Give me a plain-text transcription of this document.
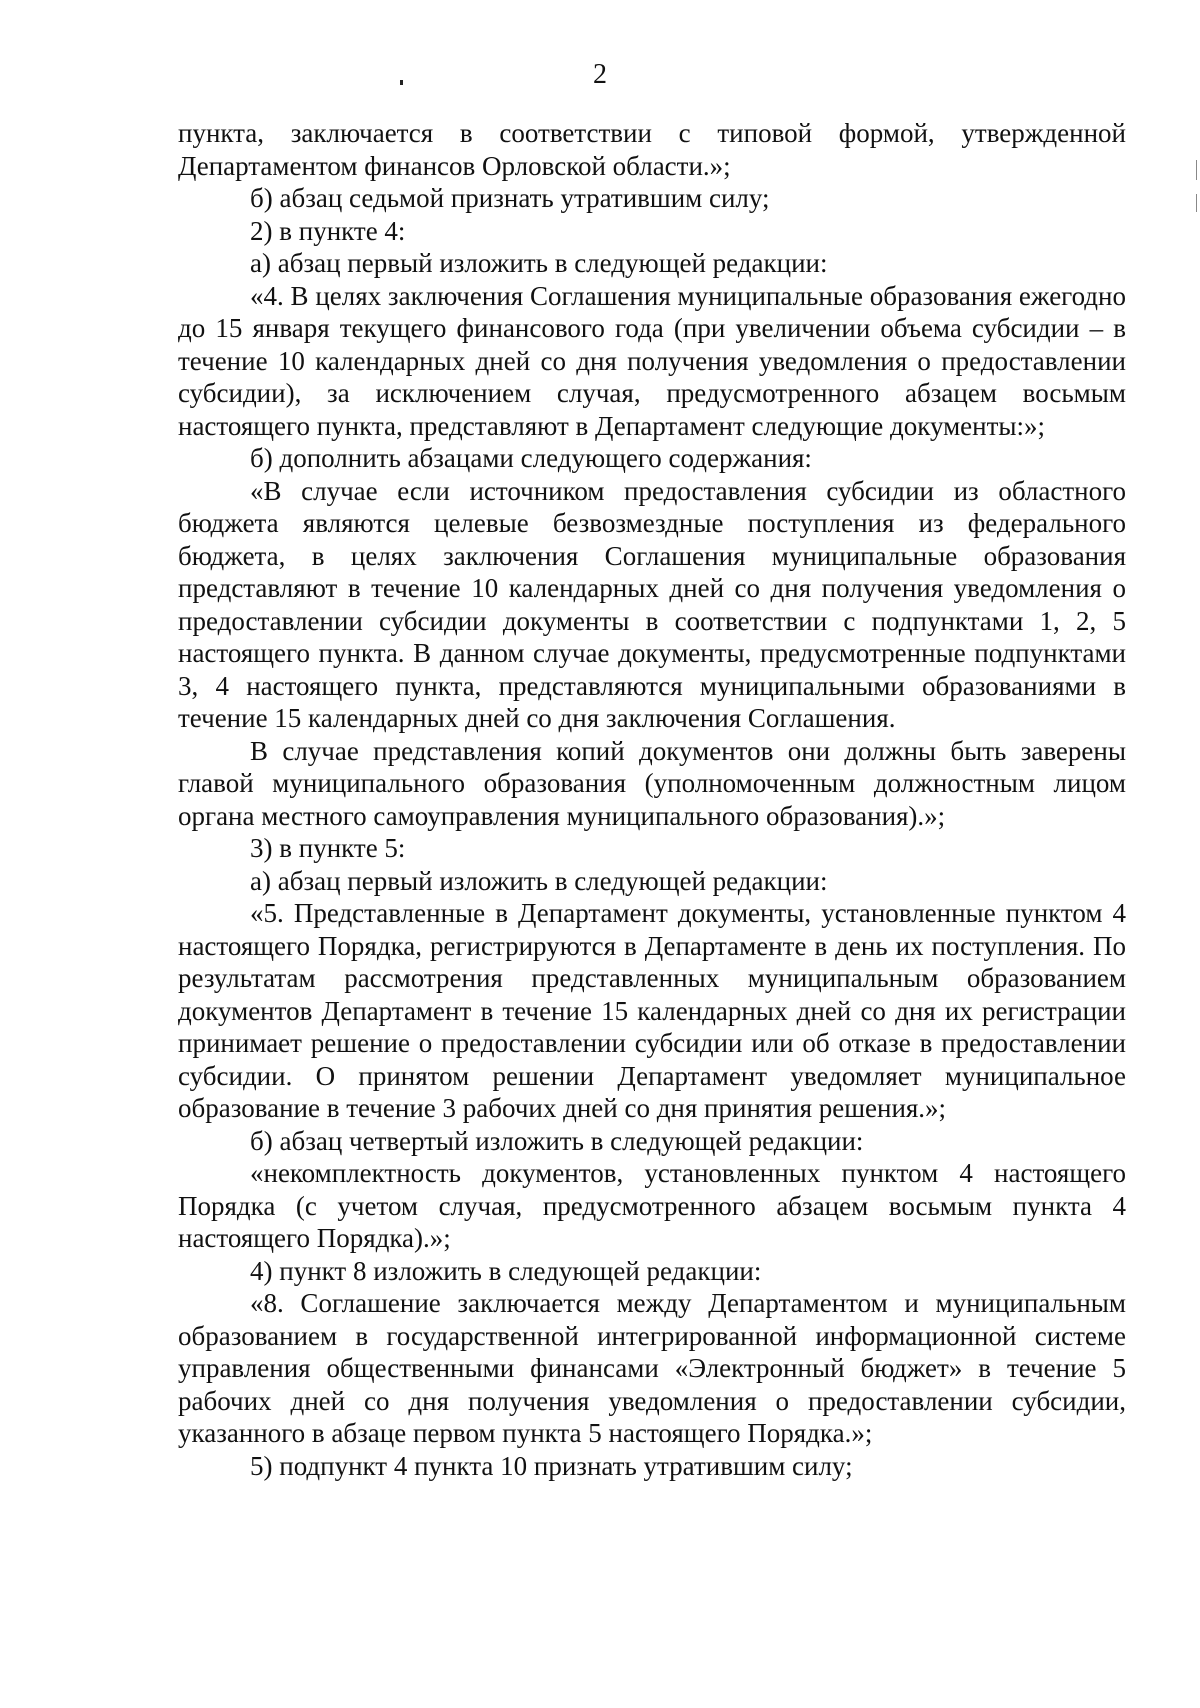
2

пункта, заключается в соответствии с типовой формой, утвержденной Департаментом финансов Орловской области.»;

б) абзац седьмой признать утратившим силу;

2) в пункте 4:

а) абзац первый изложить в следующей редакции:

«4. В целях заключения Соглашения муниципальные образования ежегодно до 15 января текущего финансового года (при увеличении объема субсидии – в течение 10 календарных дней со дня получения уведомления о предоставлении субсидии), за исключением случая, предусмотренного абзацем восьмым настоящего пункта, представляют в Департамент следующие документы:»;

б) дополнить абзацами следующего содержания:

«В случае если источником предоставления субсидии из областного бюджета являются целевые безвозмездные поступления из федерального бюджета, в целях заключения Соглашения муниципальные образования представляют в течение 10 календарных дней со дня получения уведомления о предоставлении субсидии документы в соответствии с подпунктами 1, 2, 5 настоящего пункта. В данном случае документы, предусмотренные подпунктами 3, 4 настоящего пункта, представляются муниципальными образованиями в течение 15 календарных дней со дня заключения Соглашения.

В случае представления копий документов они должны быть заверены главой муниципального образования (уполномоченным должностным лицом органа местного самоуправления муниципального образования).»;

3) в пункте 5:

а) абзац первый изложить в следующей редакции:

«5. Представленные в Департамент документы, установленные пунктом 4 настоящего Порядка, регистрируются в Департаменте в день их поступления. По результатам рассмотрения представленных муниципальным образованием документов Департамент в течение 15 календарных дней со дня их регистрации принимает решение о предоставлении субсидии или об отказе в предоставлении субсидии. О принятом решении Департамент уведомляет муниципальное образование в течение 3 рабочих дней со дня принятия решения.»;

б) абзац четвертый изложить в следующей редакции:

«некомплектность документов, установленных пунктом 4 настоящего Порядка (с учетом случая, предусмотренного абзацем восьмым пункта 4 настоящего Порядка).»;

4) пункт 8 изложить в следующей редакции:

«8. Соглашение заключается между Департаментом и муниципальным образованием в государственной интегрированной информационной системе управления общественными финансами «Электронный бюджет» в течение 5 рабочих дней со дня получения уведомления о предоставлении субсидии, указанного в абзаце первом пункта 5 настоящего Порядка.»;

5) подпункт 4 пункта 10 признать утратившим силу;
